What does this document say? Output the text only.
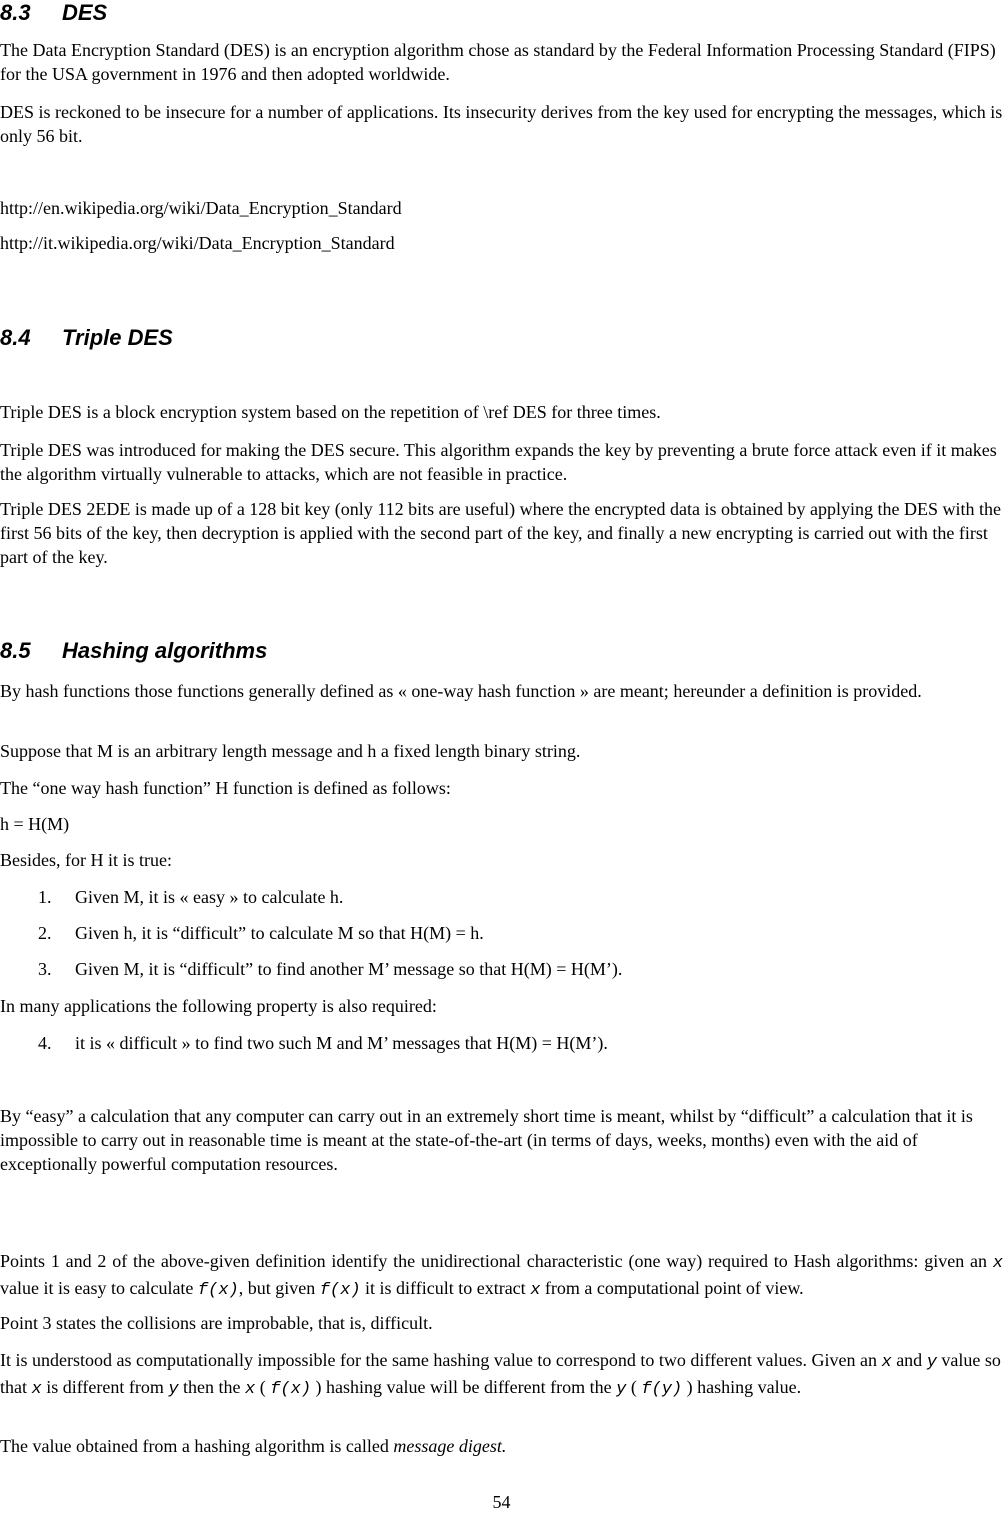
8.3 DES
The Data Encryption Standard (DES) is an encryption algorithm chose as standard by the Federal Information Processing Standard (FIPS) for the USA government in 1976 and then adopted worldwide.
DES is reckoned to be insecure for a number of applications. Its insecurity derives from the key used for encrypting the messages, which is only 56 bit.
http://en.wikipedia.org/wiki/Data_Encryption_Standard
http://it.wikipedia.org/wiki/Data_Encryption_Standard
8.4 Triple DES
Triple DES is a block encryption system based on the repetition of \ref DES for three times.
Triple DES was introduced for making the DES secure. This algorithm expands the key by preventing a brute force attack even if it makes the algorithm virtually vulnerable to attacks, which are not feasible in practice.
Triple DES 2EDE is made up of a 128 bit key (only 112 bits are useful) where the encrypted data is obtained by applying the DES with the first 56 bits of the key, then decryption is applied with the second part of the key, and finally a new encrypting is carried out with the first part of the key.
8.5 Hashing algorithms
By hash functions those functions generally defined as « one-way hash function » are meant; hereunder a definition is provided.
Suppose that M is an arbitrary length message and h a fixed length binary string.
The “one way hash function” H function is defined as follows:
h = H(M)
Besides, for H it is true:
1. Given M, it is « easy » to calculate h.
2. Given h, it is “difficult” to calculate M so that H(M) = h.
3. Given M, it is “difficult” to find another M’ message so that H(M) = H(M’).
In many applications the following property is also required:
4. it is « difficult » to find two such M and M’ messages that H(M) = H(M’).
By “easy” a calculation that any computer can carry out in an extremely short time is meant, whilst by “difficult” a calculation that it is impossible to carry out in reasonable time is meant at the state-of-the-art (in terms of days, weeks, months) even with the aid of exceptionally powerful computation resources.
Points 1 and 2 of the above-given definition identify the unidirectional characteristic (one way) required to Hash algorithms: given an x value it is easy to calculate f(x), but given f(x) it is difficult to extract x from a computational point of view.
Point 3 states the collisions are improbable, that is, difficult.
It is understood as computationally impossible for the same hashing value to correspond to two different values. Given an x and y value so that x is different from y then the x ( f(x) ) hashing value will be different from the y ( f(y) ) hashing value.
The value obtained from a hashing algorithm is called message digest.
54
